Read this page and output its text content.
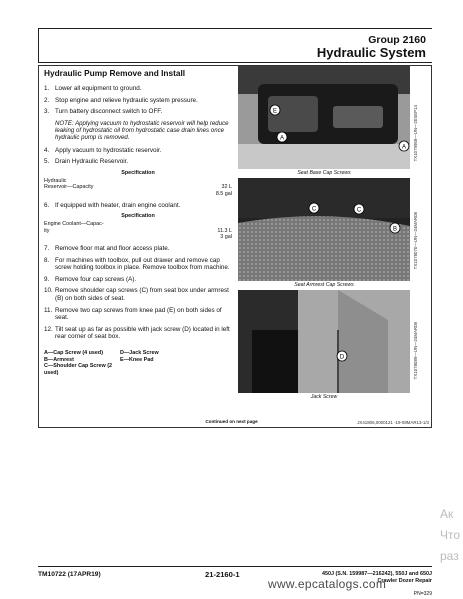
Group 2160
Hydraulic System
Hydraulic Pump Remove and Install
1. Lower all equipment to ground.
2. Stop engine and relieve hydraulic system pressure.
3. Turn battery disconnect switch to OFF.
NOTE: Applying vacuum to hydrostatic reservoir will help reduce leaking of hydrostatic oil from hydrostatic case drain lines once hydraulic pump is removed.
4. Apply vacuum to hydrostatic reservoir.
5. Drain Hydraulic Reservoir.
Specification
Hydraulic
Reservoir—Capacity	32 L
8.5 gal
6. If equipped with heater, drain engine coolant.
Specification
Engine Coolant—Capac-
ity	11.3 L
3 gal
7. Remove floor mat and floor access plate.
8. For machines with toolbox, pull out drawer and remove cap screw holding toolbox in place. Remove toolbox from machine.
9. Remove four cap screws (A).
10. Remove shoulder cap screws (C) from seat box under armrest (B) on both sides of seat.
11. Remove two cap screws from knee pad (E) on both sides of seat.
12. Tilt seat up as far as possible with jack screw (D) located in left rear corner of seat box.
A—Cap Screw (4 used)	D—Jack Screw
B—Armrest	E—Knee Pad
C—Shoulder Cap Screw (2 used)
E
A
A
Seat Base Cap Screws
TX1079958—UN—20SEP14
C	C
B
Seat Armrest Cap Screws
TX1078070—UN—24MAR08
D
Jack Screw
TX1078089—UN—24MAR08
Continued on next page	JX41806,0000121 -19-08MAR13-1/3
TM10722 (17APR19)	21-2160-1	450J (S.N. 159987—216242), 550J and 650J
Crawler Dozer Repair
PN=329
www.epcatalogs.com
Ак
Что
раз
